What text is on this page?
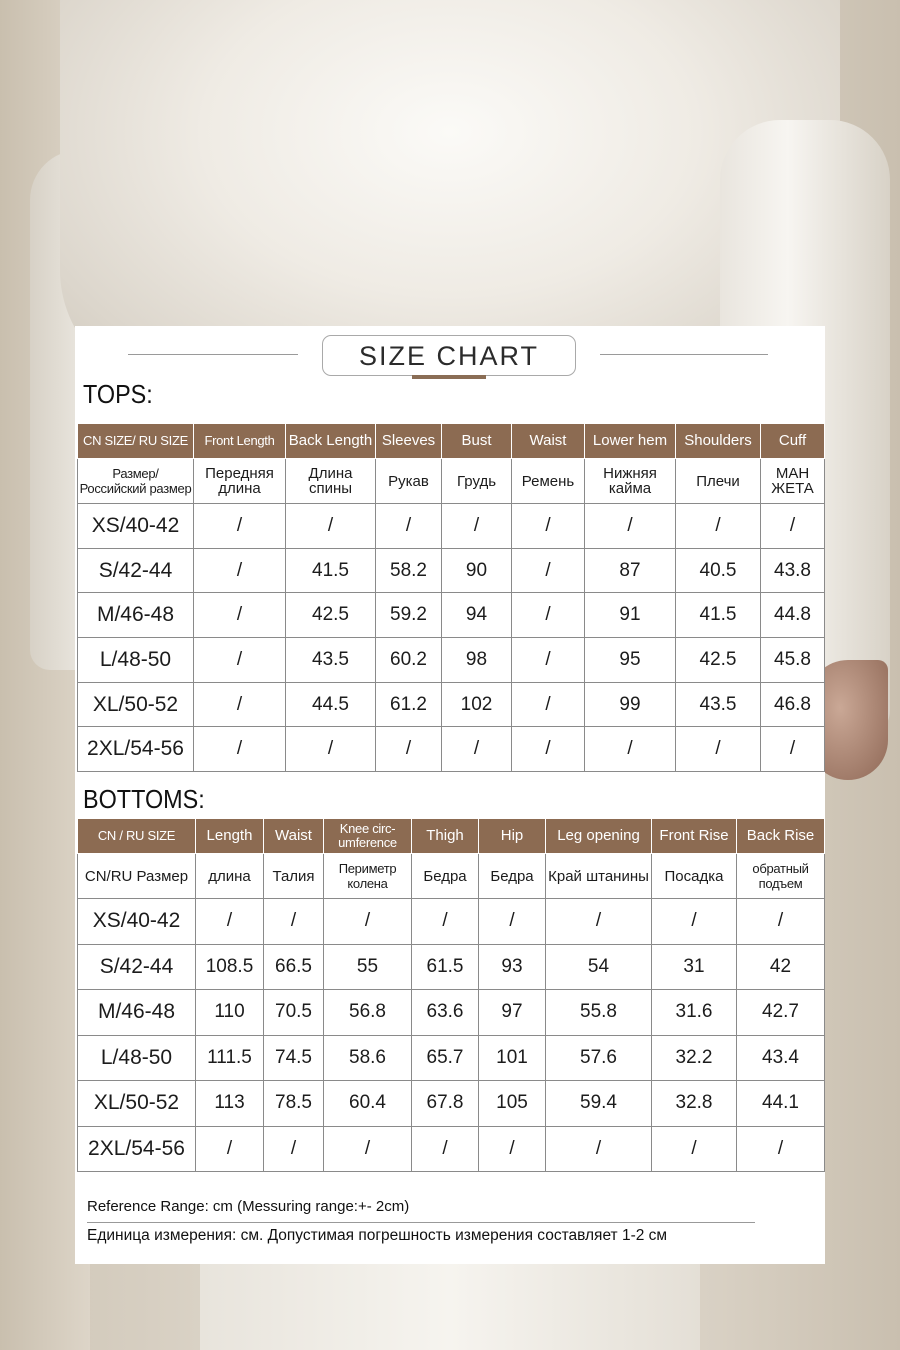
SIZE CHART
TOPS:
CN SIZE/ RU SIZE	Front Length	Back Length	Sleeves	Bust	Waist	Lower hem	Shoulders	Cuff
Размер/ Российский размер	Передняя длина	Длина спины	Рукав	Грудь	Ремень	Нижняя кайма	Плечи	МАН ЖЕТА
XS/40-42	/	/	/	/	/	/	/	/
S/42-44	/	41.5	58.2	90	/	87	40.5	43.8
M/46-48	/	42.5	59.2	94	/	91	41.5	44.8
L/48-50	/	43.5	60.2	98	/	95	42.5	45.8
XL/50-52	/	44.5	61.2	102	/	99	43.5	46.8
2XL/54-56	/	/	/	/	/	/	/	/
BOTTOMS:
CN / RU SIZE	Length	Waist	Knee circ- umference	Thigh	Hip	Leg opening	Front Rise	Back Rise
CN/RU Размер	длина	Талия	Периметр колена	Бедра	Бедра	Край штанины	Посадка	обратный подъем
XS/40-42	/	/	/	/	/	/	/	/
S/42-44	108.5	66.5	55	61.5	93	54	31	42
M/46-48	110	70.5	56.8	63.6	97	55.8	31.6	42.7
L/48-50	111.5	74.5	58.6	65.7	101	57.6	32.2	43.4
XL/50-52	113	78.5	60.4	67.8	105	59.4	32.8	44.1
2XL/54-56	/	/	/	/	/	/	/	/
Reference Range: cm (Messuring range:+- 2cm)
Единица измерения: см. Допустимая погрешность измерения составляет 1-2 см
